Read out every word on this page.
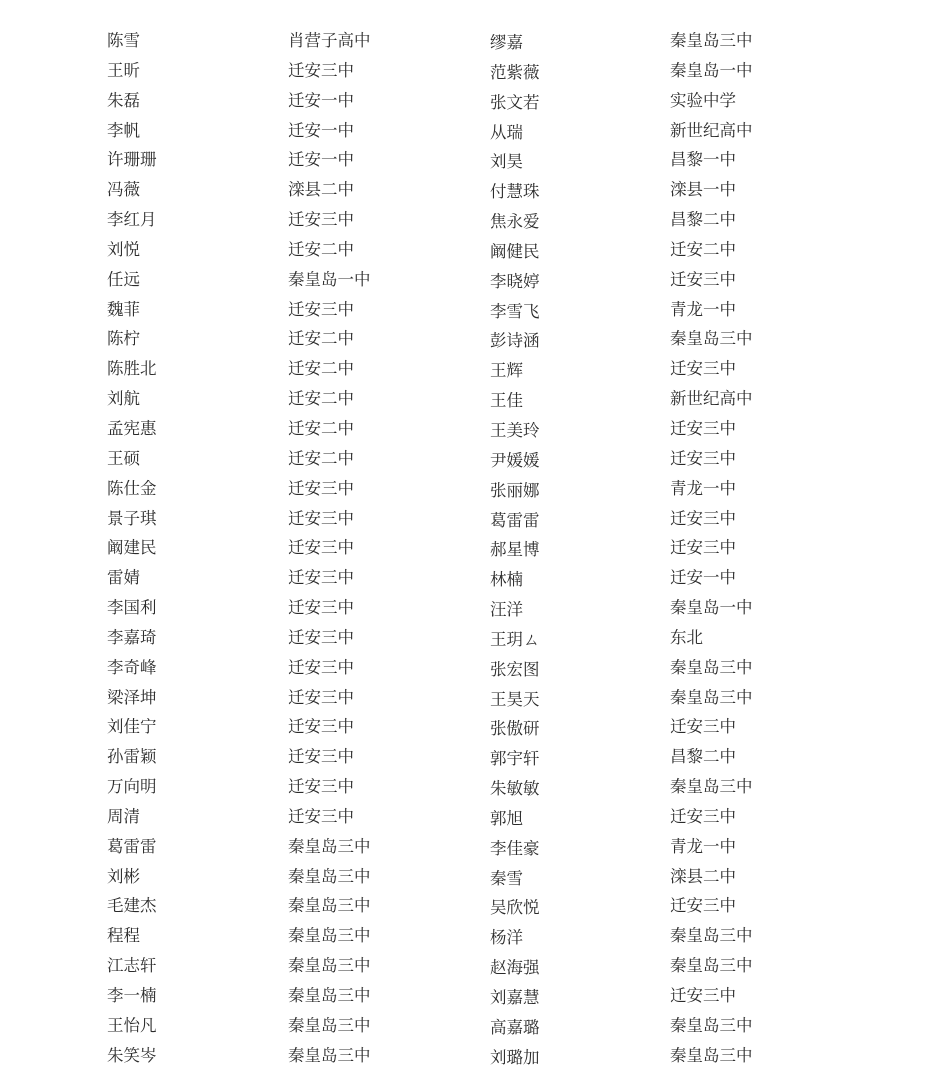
陈雪	肖营子高中	缪嘉	秦皇岛三中
王昕	迁安三中	范紫薇	秦皇岛一中
朱磊	迁安一中	张文若	实验中学
李帆	迁安一中	从瑞	新世纪高中
许珊珊	迁安一中	刘昊	昌黎一中
冯薇	滦县二中	付慧珠	滦县一中
李红月	迁安三中	焦永爱	昌黎二中
刘悦	迁安二中	阚健民	迁安二中
任远	秦皇岛一中	李晓婷	迁安三中
魏菲	迁安三中	李雪飞	青龙一中
陈柠	迁安二中	彭诗涵	秦皇岛三中
陈胜北	迁安二中	王辉	迁安三中
刘航	迁安二中	王佳	新世纪高中
孟宪惠	迁安二中	王美玲	迁安三中
王硕	迁安二中	尹媛媛	迁安三中
陈仕金	迁安三中	张丽娜	青龙一中
景子琪	迁安三中	葛雷雷	迁安三中
阚建民	迁安三中	郝星博	迁安三中
雷婧	迁安三中	林楠	迁安一中
李国利	迁安三中	汪洋	秦皇岛一中
李嘉琦	迁安三中	王玥ㄙ	东北
李奇峰	迁安三中	张宏图	秦皇岛三中
梁泽坤	迁安三中	王昊天	秦皇岛三中
刘佳宁	迁安三中	张傲研	迁安三中
孙雷颖	迁安三中	郭宇轩	昌黎二中
万向明	迁安三中	朱敏敏	秦皇岛三中
周清	迁安三中	郭旭	迁安三中
葛雷雷	秦皇岛三中	李佳豪	青龙一中
刘彬	秦皇岛三中	秦雪	滦县二中
毛建杰	秦皇岛三中	吴欣悦	迁安三中
程程	秦皇岛三中	杨洋	秦皇岛三中
江志轩	秦皇岛三中	赵海强	秦皇岛三中
李一楠	秦皇岛三中	刘嘉慧	迁安三中
王怡凡	秦皇岛三中	高嘉璐	秦皇岛三中
朱笑岑	秦皇岛三中	刘璐加	秦皇岛三中
